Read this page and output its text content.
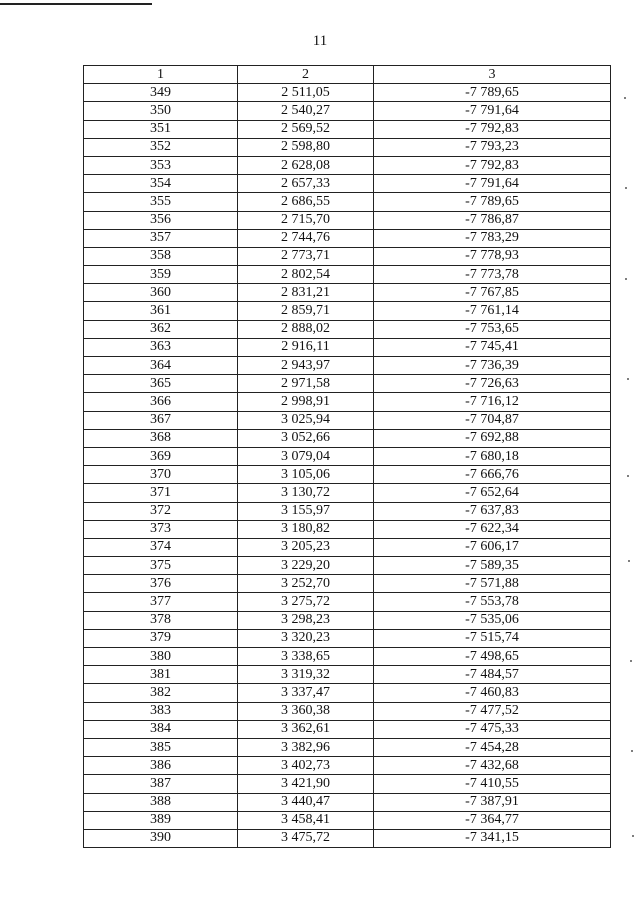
11
1	2	3
349	2 511,05	-7 789,65
350	2 540,27	-7 791,64
351	2 569,52	-7 792,83
352	2 598,80	-7 793,23
353	2 628,08	-7 792,83
354	2 657,33	-7 791,64
355	2 686,55	-7 789,65
356	2 715,70	-7 786,87
357	2 744,76	-7 783,29
358	2 773,71	-7 778,93
359	2 802,54	-7 773,78
360	2 831,21	-7 767,85
361	2 859,71	-7 761,14
362	2 888,02	-7 753,65
363	2 916,11	-7 745,41
364	2 943,97	-7 736,39
365	2 971,58	-7 726,63
366	2 998,91	-7 716,12
367	3 025,94	-7 704,87
368	3 052,66	-7 692,88
369	3 079,04	-7 680,18
370	3 105,06	-7 666,76
371	3 130,72	-7 652,64
372	3 155,97	-7 637,83
373	3 180,82	-7 622,34
374	3 205,23	-7 606,17
375	3 229,20	-7 589,35
376	3 252,70	-7 571,88
377	3 275,72	-7 553,78
378	3 298,23	-7 535,06
379	3 320,23	-7 515,74
380	3 338,65	-7 498,65
381	3 319,32	-7 484,57
382	3 337,47	-7 460,83
383	3 360,38	-7 477,52
384	3 362,61	-7 475,33
385	3 382,96	-7 454,28
386	3 402,73	-7 432,68
387	3 421,90	-7 410,55
388	3 440,47	-7 387,91
389	3 458,41	-7 364,77
390	3 475,72	-7 341,15
